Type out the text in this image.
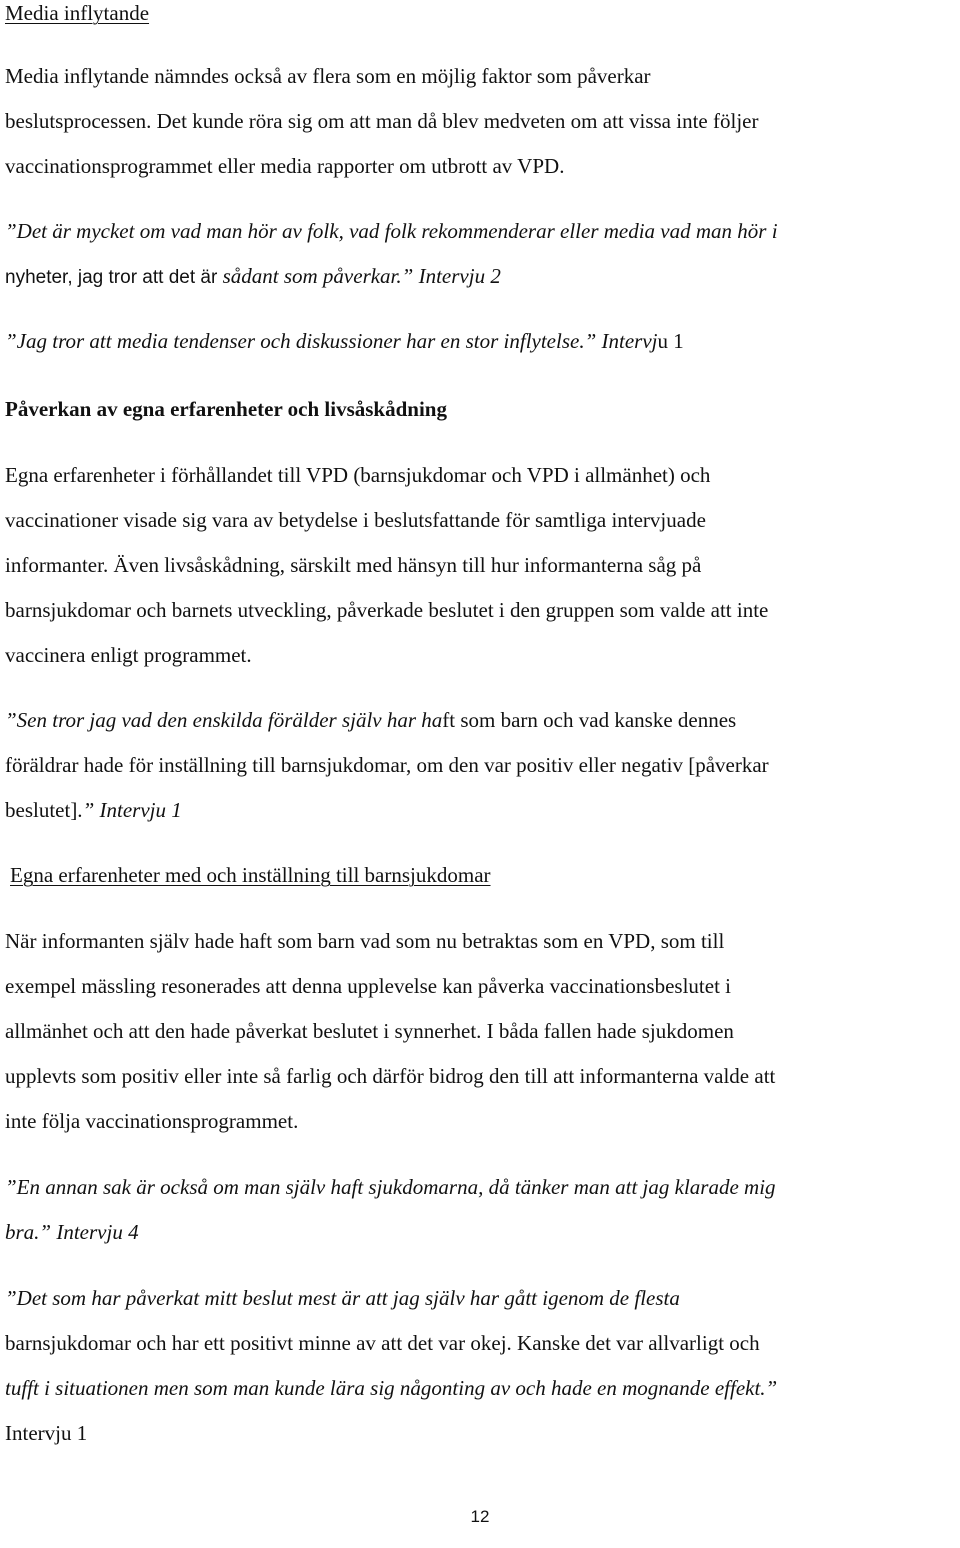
Media inflytande
Media inflytande nämndes också av flera som en möjlig faktor som påverkar
beslutsprocessen. Det kunde röra sig om att man då blev medveten om att vissa inte följer
vaccinationsprogrammet eller media rapporter om utbrott av VPD.
”Det är mycket om vad man hör av folk, vad folk rekommenderar eller media vad man hör i
nyheter, jag tror att det är sådant som påverkar.” Intervju 2
”Jag tror att media tendenser och diskussioner har en stor inflytelse.” Intervju 1
Påverkan av egna erfarenheter och livsåskådning
Egna erfarenheter i förhållandet till VPD (barnsjukdomar och VPD i allmänhet) och
vaccinationer visade sig vara av betydelse i beslutsfattande för samtliga intervjuade
informanter. Även livsåskådning, särskilt med hänsyn till hur informanterna såg på
barnsjukdomar och barnets utveckling, påverkade beslutet i den gruppen som valde att inte
vaccinera enligt programmet.
”Sen tror jag vad den enskilda förälder själv har haft som barn och vad kanske dennes
föräldrar hade för inställning till barnsjukdomar, om den var positiv eller negativ [påverkar
beslutet].” Intervju 1
Egna erfarenheter med och inställning till barnsjukdomar
När informanten själv hade haft som barn vad som nu betraktas som en VPD, som till
exempel mässling resonerades att denna upplevelse kan påverka vaccinationsbeslutet i
allmänhet och att den hade påverkat beslutet i synnerhet. I båda fallen hade sjukdomen
upplevts som positiv eller inte så farlig och därför bidrog den till att informanterna valde att
inte följa vaccinationsprogrammet.
”En annan sak är också om man själv haft sjukdomarna, då tänker man att jag klarade mig
bra.” Intervju 4
”Det som har påverkat mitt beslut mest är att jag själv har gått igenom de flesta
barnsjukdomar och har ett positivt minne av att det var okej. Kanske det var allvarligt och
tufft i situationen men som man kunde lära sig någonting av och hade en mognande effekt.”
Intervju 1
12
